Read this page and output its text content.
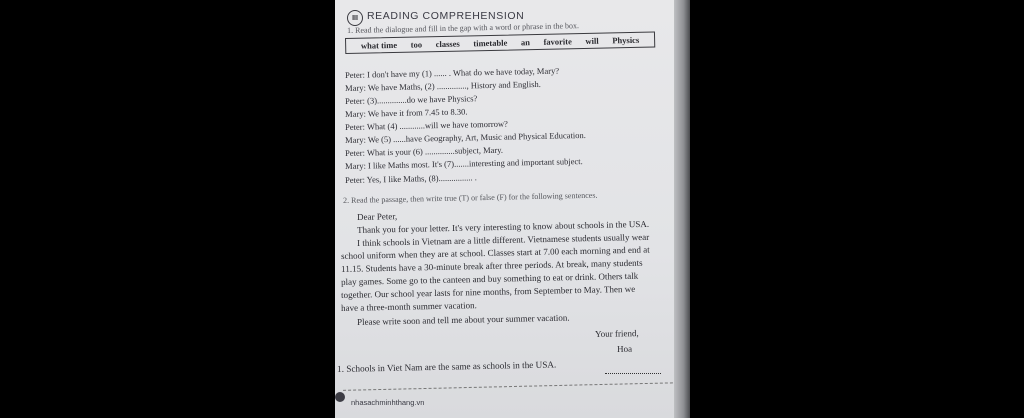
III READING COMPREHENSION
1. Read the dialogue and fill in the gap with a word or phrase in the box.
what time too classes timetable an favorite will Physics
Peter: I don't have my (1) ...... . What do we have today, Mary?
Mary: We have Maths, (2) .............., History and English.
Peter: (3)..............do we have Physics?
Mary: We have it from 7.45 to 8.30.
Peter: What (4) ............will we have tomorrow?
Mary: We (5) ......have Geography, Art, Music and Physical Education.
Peter: What is your (6) ..............subject, Mary.
Mary: I like Maths most. It's (7).......interesting and important subject.
Peter: Yes, I like Maths, (8)................ .
2. Read the passage, then write true (T) or false (F) for the following sentences.
Dear Peter,
Thank you for your letter. It's very interesting to know about schools in the USA.
I think schools in Vietnam are a little different. Vietnamese students usually wear
school uniform when they are at school. Classes start at 7.00 each morning and end at
11.15. Students have a 30-minute break after three periods. At break, many students
play games. Some go to the canteen and buy something to eat or drink. Others talk
together. Our school year lasts for nine months, from September to May. Then we
have a three-month summer vacation.
Please write soon and tell me about your summer vacation.
Your friend,
Hoa
1. Schools in Viet Nam are the same as schools in the USA.
nhasachminhthang.vn
